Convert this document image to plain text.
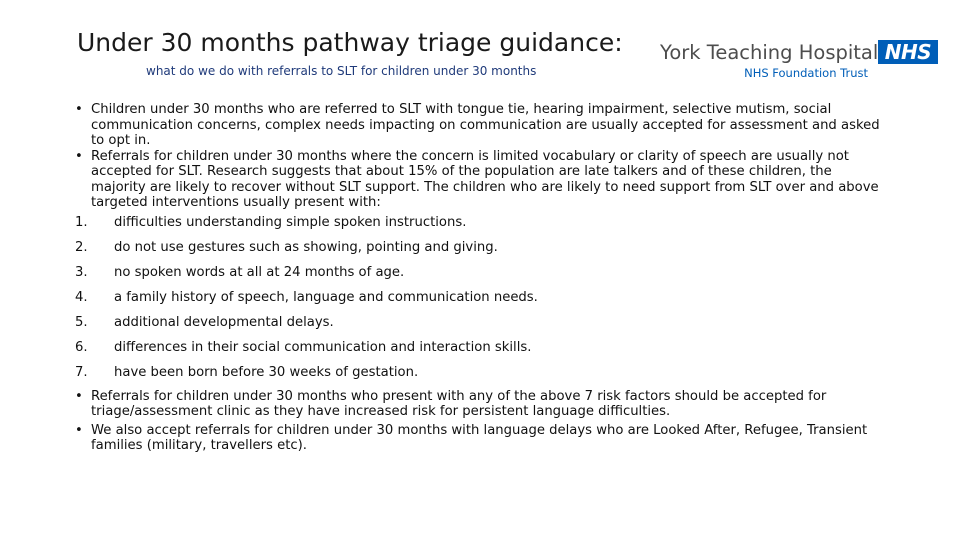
Under 30 months pathway triage guidance:
what do we do with referrals to SLT for children under 30 months
York Teaching Hospital NHS
NHS Foundation Trust
• Children under 30 months who are referred to SLT with tongue tie, hearing impairment, selective mutism, social communication concerns, complex needs impacting on communication are usually accepted for assessment and asked to opt in.
• Referrals for children under 30 months where the concern is limited vocabulary or clarity of speech are usually not accepted for SLT. Research suggests that about 15% of the population are late talkers and of these children, the majority are likely to recover without SLT support. The children who are likely to need support from SLT over and above targeted interventions usually present with:
1. difficulties understanding simple spoken instructions.
2. do not use gestures such as showing, pointing and giving.
3. no spoken words at all at 24 months of age.
4. a family history of speech, language and communication needs.
5. additional developmental delays.
6. differences in their social communication and interaction skills.
7. have been born before 30 weeks of gestation.
• Referrals for children under 30 months who present with any of the above 7 risk factors should be accepted for triage/assessment clinic as they have increased risk for persistent language difficulties.
• We also accept referrals for children under 30 months with language delays who are Looked After, Refugee, Transient families (military, travellers etc).
